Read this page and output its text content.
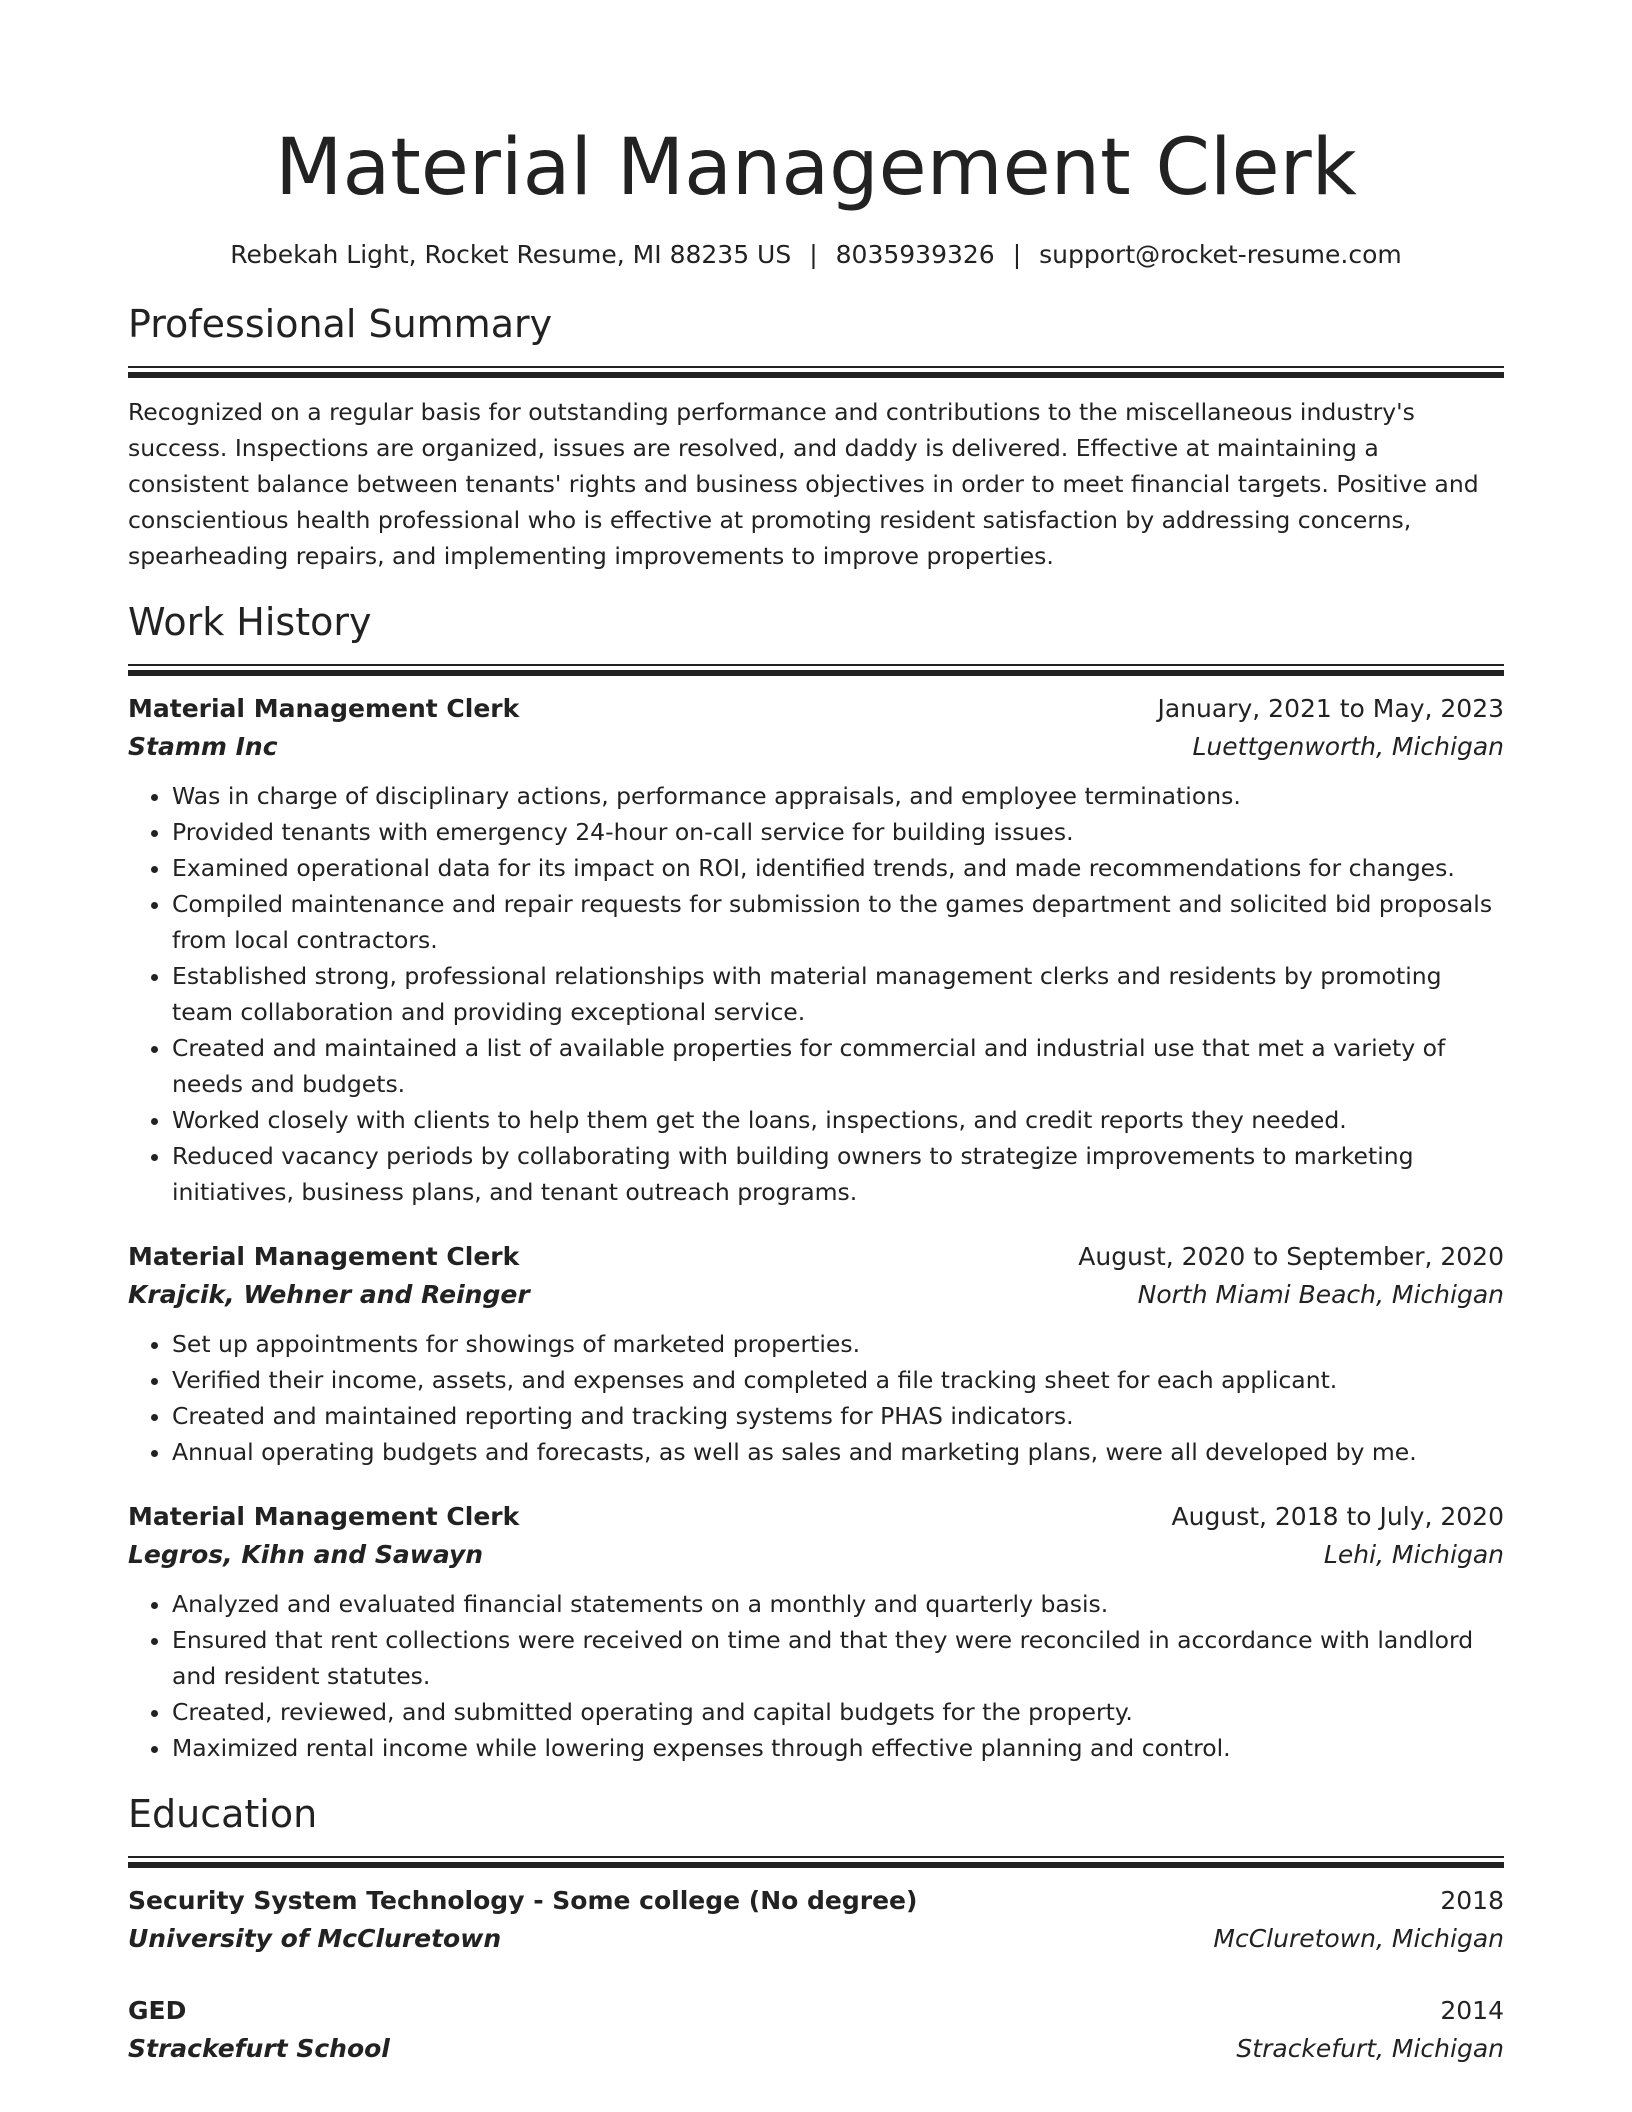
Material Management Clerk
Rebekah Light, Rocket Resume, MI 88235 US | 8035939326 | support@rocket-resume.com
Professional Summary

Recognized on a regular basis for outstanding performance and contributions to the miscellaneous industry's success. Inspections are organized, issues are resolved, and daddy is delivered. Effective at maintaining a consistent balance between tenants' rights and business objectives in order to meet financial targets. Positive and conscientious health professional who is effective at promoting resident satisfaction by addressing concerns, spearheading repairs, and implementing improvements to improve properties.

Work History
Material Management Clerk	January, 2021 to May, 2023
Stamm Inc	Luettgenworth, Michigan
• Was in charge of disciplinary actions, performance appraisals, and employee terminations.
• Provided tenants with emergency 24-hour on-call service for building issues.
• Examined operational data for its impact on ROI, identified trends, and made recommendations for changes.
• Compiled maintenance and repair requests for submission to the games department and solicited bid proposals from local contractors.
• Established strong, professional relationships with material management clerks and residents by promoting team collaboration and providing exceptional service.
• Created and maintained a list of available properties for commercial and industrial use that met a variety of needs and budgets.
• Worked closely with clients to help them get the loans, inspections, and credit reports they needed.
• Reduced vacancy periods by collaborating with building owners to strategize improvements to marketing initiatives, business plans, and tenant outreach programs.
Material Management Clerk	August, 2020 to September, 2020
Krajcik, Wehner and Reinger	North Miami Beach, Michigan
• Set up appointments for showings of marketed properties.
• Verified their income, assets, and expenses and completed a file tracking sheet for each applicant.
• Created and maintained reporting and tracking systems for PHAS indicators.
• Annual operating budgets and forecasts, as well as sales and marketing plans, were all developed by me.
Material Management Clerk	August, 2018 to July, 2020
Legros, Kihn and Sawayn	Lehi, Michigan
• Analyzed and evaluated financial statements on a monthly and quarterly basis.
• Ensured that rent collections were received on time and that they were reconciled in accordance with landlord and resident statutes.
• Created, reviewed, and submitted operating and capital budgets for the property.
• Maximized rental income while lowering expenses through effective planning and control.
Education
Security System Technology - Some college (No degree)	2018
University of McCluretown	McCluretown, Michigan
GED	2014
Strackefurt School	Strackefurt, Michigan
